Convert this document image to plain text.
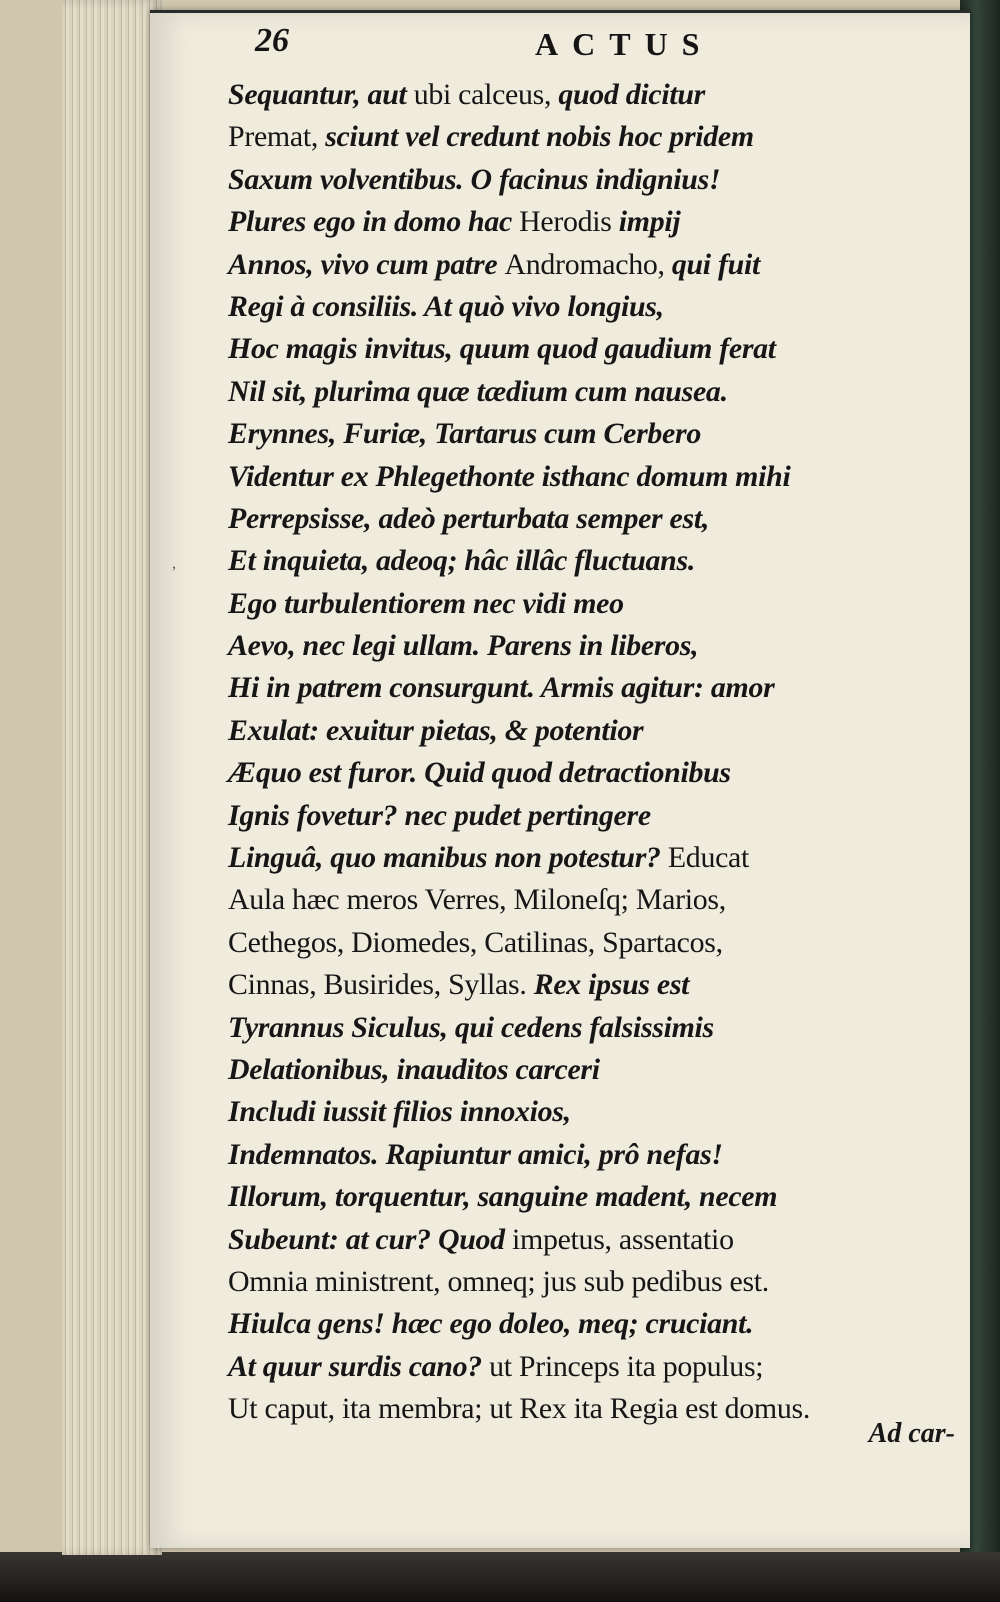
26	ACTUS
,
Sequantur, aut ubi calceus, quod dicitur
Premat, sciunt vel credunt nobis hoc pridem
Saxum volventibus. O facinus indignius!
Plures ego in domo hac Herodis impij
Annos, vivo cum patre Andromacho, qui fuit
Regi à consiliis. At quò vivo longius,
Hoc magis invitus, quum quod gaudium ferat
Nil sit, plurima quæ tædium cum nausea.
Erynnes, Furiæ, Tartarus cum Cerbero
Videntur ex Phlegethonte isthanc domum mihi
Perrepsisse, adeò perturbata semper est,
Et inquieta, adeoq; hâc illâc fluctuans.
Ego turbulentiorem nec vidi meo
Aevo, nec legi ullam. Parens in liberos,
Hi in patrem consurgunt. Armis agitur: amor
Exulat: exuitur pietas, & potentior
Æquo est furor. Quid quod detractionibus
Ignis fovetur? nec pudet pertingere
Linguâ, quo manibus non potestur? Educat
Aula hæc meros Verres, Miloneſq; Marios,
Cethegos, Diomedes, Catilinas, Spartacos,
Cinnas, Busirides, Syllas. Rex ipsus est
Tyrannus Siculus, qui cedens falsissimis
Delationibus, inauditos carceri
Includi iussit filios innoxios,
Indemnatos. Rapiuntur amici, prô nefas!
Illorum, torquentur, sanguine madent, necem
Subeunt: at cur? Quod impetus, assentatio
Omnia ministrent, omneq; jus sub pedibus est.
Hiulca gens! hæc ego doleo, meq; cruciant.
At quur surdis cano? ut Princeps ita populus;
Ut caput, ita membra; ut Rex ita Regia est domus.
Ad car-
